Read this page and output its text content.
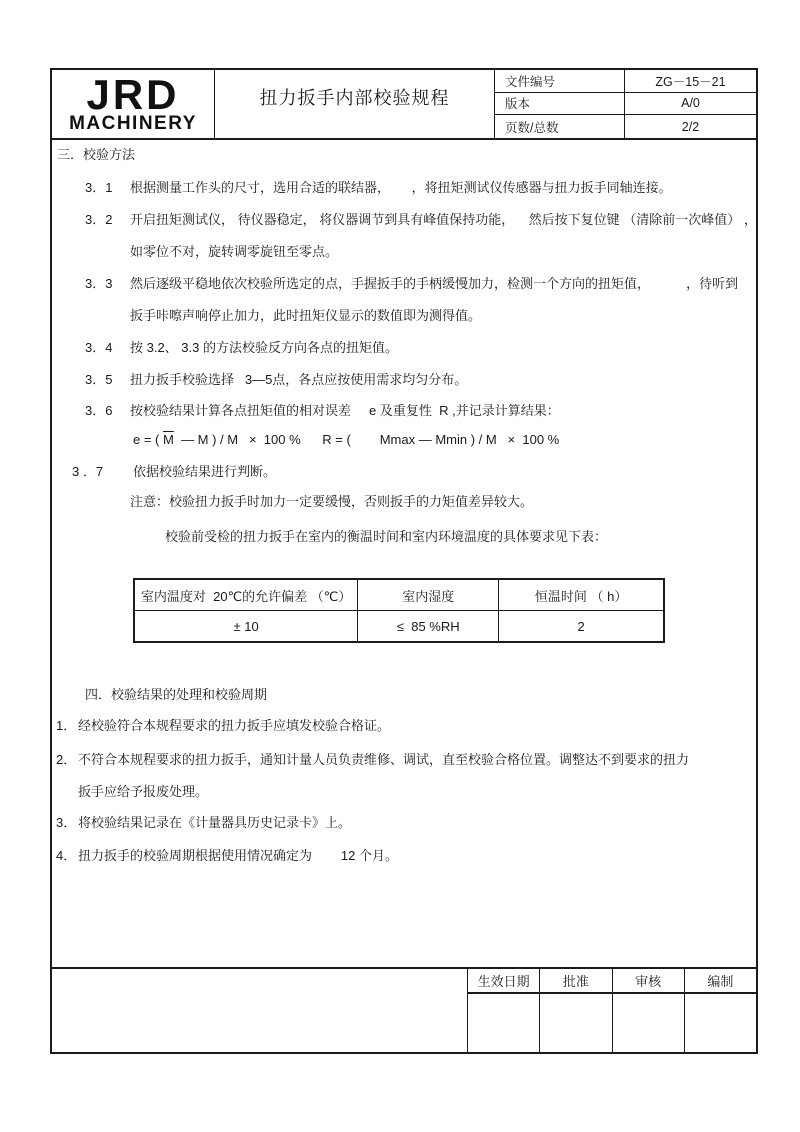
JRD
MACHINERY
扭力扳手内部校验规程
文件编号	ZG－15－21
版本	A/0
页数/总数	2/2
生效日期	批准	审核	编制
三．校验方法
3．1	根据测量工作头的尺寸，选用合适的联结器，      ，将扭矩测试仪传感器与扭力扳手同轴连接。
3．2	开启扭矩测试仪， 待仪器稳定， 将仪器调节到具有峰值保持功能，    然后按下复位键 （清除前一次峰值） ，
如零位不对，旋转调零旋钮至零点。
3．3	然后逐级平稳地依次校验所选定的点，手握扳手的手柄缓慢加力，检测一个方向的扭矩值，          ，待听到
扳手咔嚓声响停止加力，此时扭矩仪显示的数值即为测得值。
3．4	按 3.2、 3.3 的方法校验反方向各点的扭矩值。
3．5	扭力扳手校验选择   3—5点，各点应按使用需求均匀分布。
3．6	按校验结果计算各点扭矩值的相对误差     e 及重复性  R ,并记录计算结果：
e = ( $\overline{M}$  — M ) / M   ×  100 %      R = (        Mmax — Mmin ) / M   ×  100 %
3 ．7	依据校验结果进行判断。
注意：校验扭力扳手时加力一定要缓慢，否则扳手的力矩值差异较大。
校验前受检的扭力扳手在室内的衡温时间和室内环境温度的具体要求见下表：
室内温度对  20℃的允许偏差 （℃）	室内湿度	恒温时间 （ h）
± 10	≤  85 %RH	2
四．校验结果的处理和校验周期
1． 经校验符合本规程要求的扭力扳手应填发校验合格证。
2． 不符合本规程要求的扭力扳手，通知计量人员负责维修、调试，直至校验合格位置。调整达不到要求的扭力
扳手应给予报废处理。
3． 将校验结果记录在《计量器具历史记录卡》上。
4． 扭力扳手的校验周期根据使用情况确定为        12 个月。
